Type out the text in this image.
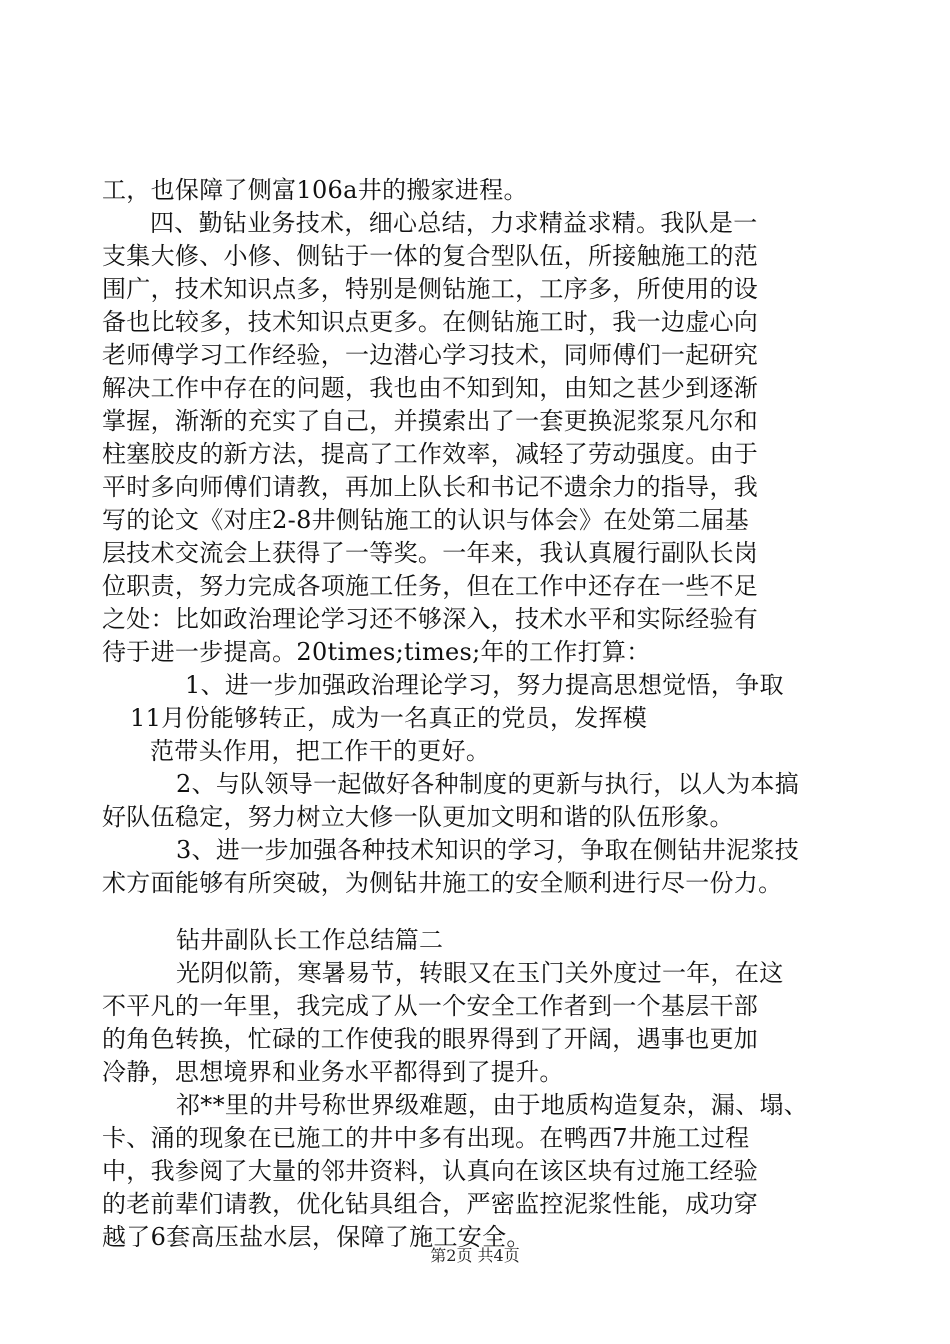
工，也保障了侧富106a井的搬家进程。
四、勤钻业务技术，细心总结，力求精益求精。我队是一
支集大修、小修、侧钻于一体的复合型队伍，所接触施工的范
围广，技术知识点多，特别是侧钻施工，工序多，所使用的设
备也比较多，技术知识点更多。在侧钻施工时，我一边虚心向
老师傅学习工作经验，一边潜心学习技术，同师傅们一起研究
解决工作中存在的问题，我也由不知到知，由知之甚少到逐渐
掌握，渐渐的充实了自己，并摸索出了一套更换泥浆泵凡尔和
柱塞胶皮的新方法，提高了工作效率，减轻了劳动强度。由于
平时多向师傅们请教，再加上队长和书记不遗余力的指导，我
写的论文《对庄2-8井侧钻施工的认识与体会》在处第二届基
层技术交流会上获得了一等奖。一年来，我认真履行副队长岗
位职责，努力完成各项施工任务，但在工作中还存在一些不足
之处：比如政治理论学习还不够深入，技术水平和实际经验有
待于进一步提高。20times;times;年的工作打算：
1、进一步加强政治理论学习，努力提高思想觉悟，争取
11月份能够转正，成为一名真正的党员，发挥模
范带头作用，把工作干的更好。
2、与队领导一起做好各种制度的更新与执行，以人为本搞
好队伍稳定，努力树立大修一队更加文明和谐的队伍形象。
3、进一步加强各种技术知识的学习，争取在侧钻井泥浆技
术方面能够有所突破，为侧钻井施工的安全顺利进行尽一份力。
钻井副队长工作总结篇二
光阴似箭，寒暑易节，转眼又在玉门关外度过一年，在这
不平凡的一年里，我完成了从一个安全工作者到一个基层干部
的角色转换，忙碌的工作使我的眼界得到了开阔，遇事也更加
冷静，思想境界和业务水平都得到了提升。
祁**里的井号称世界级难题，由于地质构造复杂，漏、塌、
卡、涌的现象在已施工的井中多有出现。在鸭西7井施工过程
中，我参阅了大量的邻井资料，认真向在该区块有过施工经验
的老前辈们请教，优化钻具组合，严密监控泥浆性能，成功穿
越了6套高压盐水层，保障了施工安全。
第2页 共4页
